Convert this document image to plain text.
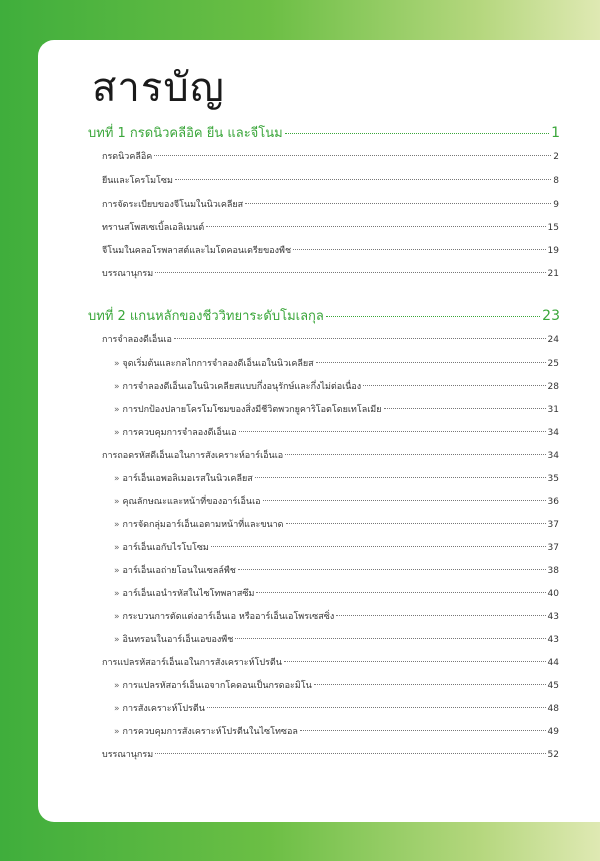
สารบัญ
บทที่ 1 กรดนิวคลีอิค ยีน และจีโนม	1
กรดนิวคลีอิค	2
ยีนและโครโมโซม	8
การจัดระเบียบของจีโนมในนิวเคลียส	9
ทรานสโพสเซเบิ้ลเอลิเมนต์	15
จีโนมในคลอโรพลาสต์และไมโตคอนเดรียของพืช	19
บรรณานุกรม	21
บทที่ 2 แกนหลักของชีววิทยาระดับโมเลกุล	23
การจำลองดีเอ็นเอ	24
» จุดเริ่มต้นและกลไกการจำลองดีเอ็นเอในนิวเคลียส	25
» การจำลองดีเอ็นเอในนิวเคลียสแบบกึ่งอนุรักษ์และกึ่งไม่ต่อเนื่อง	28
» การปกป้องปลายโครโมโซมของสิ่งมีชีวิตพวกยูคาริโอตโดยเทโลเมีย	31
» การควบคุมการจำลองดีเอ็นเอ	34
การถอดรหัสดีเอ็นเอในการสังเคราะห์อาร์เอ็นเอ	34
» อาร์เอ็นเอพอลิเมอเรสในนิวเคลียส	35
» คุณลักษณะและหน้าที่ของอาร์เอ็นเอ	36
» การจัดกลุ่มอาร์เอ็นเอตามหน้าที่และขนาด	37
» อาร์เอ็นเอกับไรโบโซม	37
» อาร์เอ็นเอถ่ายโอนในเซลล์พืช	38
» อาร์เอ็นเอนำรหัสในไซโทพลาสซึม	40
» กระบวนการตัดแต่งอาร์เอ็นเอ หรืออาร์เอ็นเอโพรเซสซิ่ง	43
» อินทรอนในอาร์เอ็นเอของพืช	43
การแปลรหัสอาร์เอ็นเอในการสังเคราะห์โปรตีน	44
» การแปลรหัสอาร์เอ็นเอจากโคดอนเป็นกรดอะมิโน	45
» การสังเคราะห์โปรตีน	48
» การควบคุมการสังเคราะห์โปรตีนในไซโทซอล	49
บรรณานุกรม	52
